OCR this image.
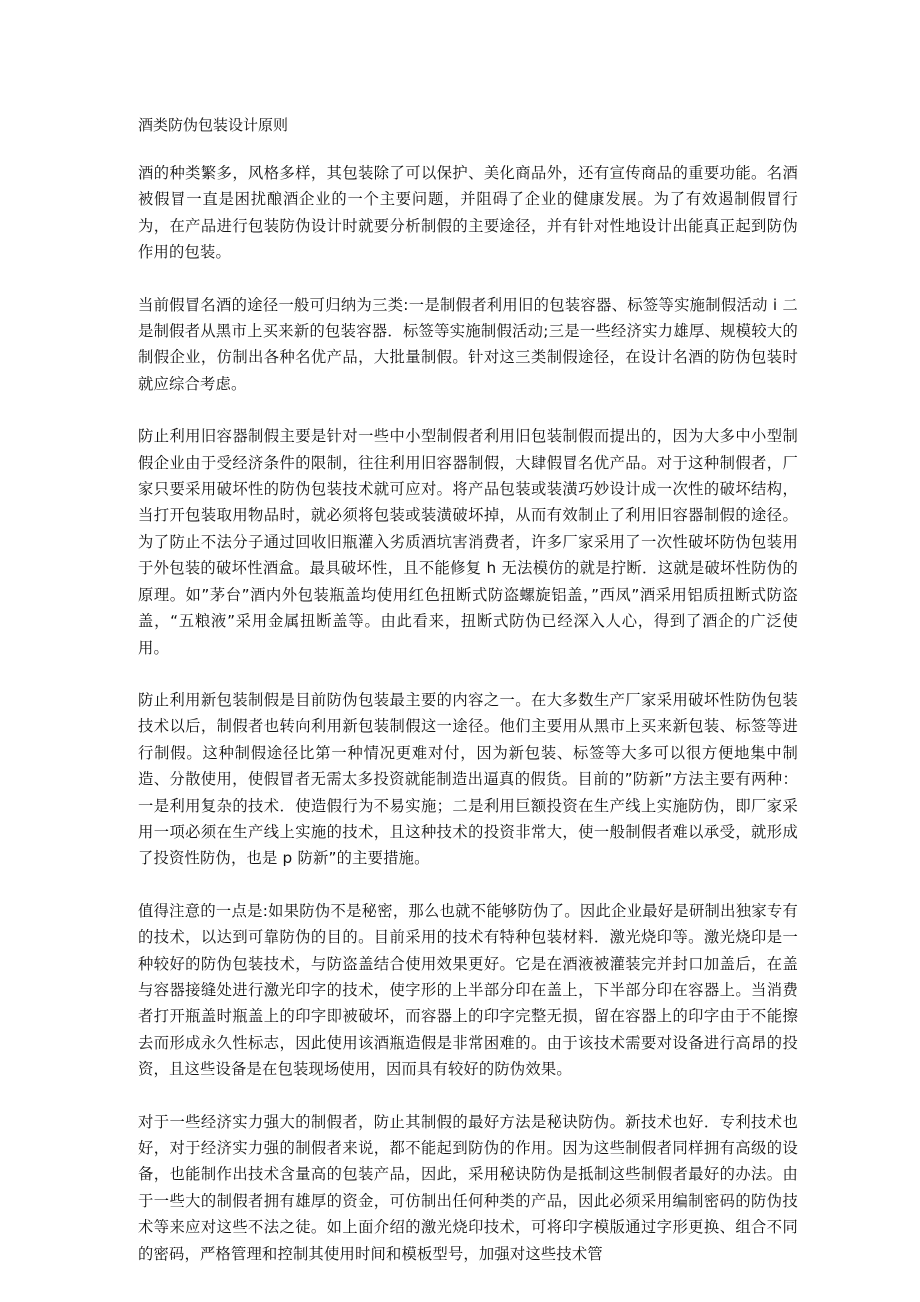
酒类防伪包装设计原则

酒的种类繁多，风格多样，其包装除了可以保护、美化商品外，还有宣传商品的重要功能。名酒被假冒一直是困扰酿酒企业的一个主要问题，并阻碍了企业的健康发展。为了有效遏制假冒行为，在产品进行包装防伪设计时就要分析制假的主要途径，并有针对性地设计出能真正起到防伪作用的包装。

当前假冒名酒的途径一般可归纳为三类:一是制假者利用旧的包装容器、标签等实施制假活动 i 二是制假者从黑市上买来新的包装容器．标签等实施制假活动;三是一些经济实力雄厚、规模较大的制假企业，仿制出各种名优产品，大批量制假。针对这三类制假途径，在设计名酒的防伪包装时就应综合考虑。

防止利用旧容器制假主要是针对一些中小型制假者利用旧包装制假而提出的，因为大多中小型制假企业由于受经济条件的限制，往往利用旧容器制假，大肆假冒名优产品。对于这种制假者，厂家只要采用破坏性的防伪包装技术就可应对。将产品包装或装潢巧妙设计成一次性的破坏结构，当打开包装取用物品时，就必须将包装或装潢破坏掉，从而有效制止了利用旧容器制假的途径。为了防止不法分子通过回收旧瓶灌入劣质酒坑害消费者，许多厂家采用了一次性破坏防伪包装用于外包装的破坏性酒盒。最具破坏性，且不能修复 h 无法模仿的就是拧断．这就是破坏性防伪的原理。如”茅台”酒内外包装瓶盖均使用红色扭断式防盗螺旋铝盖，”西凤”酒采用铝质扭断式防盗盖，“五粮液”采用金属扭断盖等。由此看来，扭断式防伪已经深入人心，得到了酒企的广泛使用。

防止利用新包装制假是目前防伪包装最主要的内容之一。在大多数生产厂家采用破坏性防伪包装技术以后，制假者也转向利用新包装制假这一途径。他们主要用从黑市上买来新包装、标签等进行制假。这种制假途径比第一种情况更难对付，因为新包装、标签等大多可以很方便地集中制造、分散使用，使假冒者无需太多投资就能制造出逼真的假货。目前的”防新”方法主要有两种：一是利用复杂的技术．使造假行为不易实施；二是利用巨额投资在生产线上实施防伪，即厂家采用一项必须在生产线上实施的技术，且这种技术的投资非常大，使一般制假者难以承受，就形成了投资性防伪，也是 p 防新”的主要措施。

值得注意的一点是:如果防伪不是秘密，那么也就不能够防伪了。因此企业最好是研制出独家专有的技术，以达到可靠防伪的目的。目前采用的技术有特种包装材料．激光烧印等。激光烧印是一种较好的防伪包装技术，与防盗盖结合使用效果更好。它是在酒液被灌装完并封口加盖后，在盖与容器接缝处进行激光印字的技术，使字形的上半部分印在盖上，下半部分印在容器上。当消费者打开瓶盖时瓶盖上的印字即被破坏，而容器上的印字完整无损，留在容器上的印字由于不能擦去而形成永久性标志，因此使用该酒瓶造假是非常困难的。由于该技术需要对设备进行高昂的投资，且这些设备是在包装现场使用，因而具有较好的防伪效果。

对于一些经济实力强大的制假者，防止其制假的最好方法是秘诀防伪。新技术也好．专利技术也好，对于经济实力强的制假者来说，都不能起到防伪的作用。因为这些制假者同样拥有高级的设备，也能制作出技术含量高的包装产品，因此，采用秘诀防伪是抵制这些制假者最好的办法。由于一些大的制假者拥有雄厚的资金，可仿制出任何种类的产品，因此必须采用编制密码的防伪技术等来应对这些不法之徒。如上面介绍的激光烧印技术，可将印字模版通过字形更换、组合不同的密码，严格管理和控制其使用时间和模板型号，加强对这些技术管
